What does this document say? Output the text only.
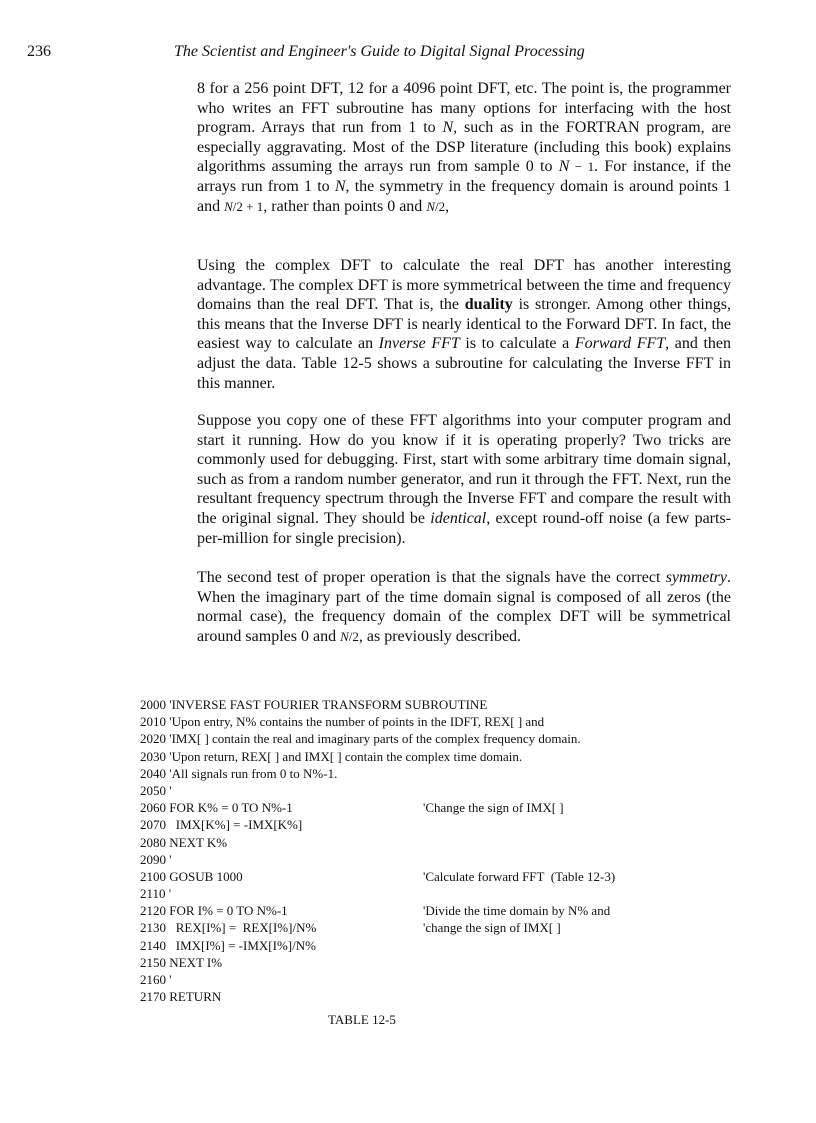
236	The Scientist and Engineer's Guide to Digital Signal Processing
8 for a 256 point DFT, 12 for a 4096 point DFT, etc. The point is, the programmer who writes an FFT subroutine has many options for interfacing with the host program. Arrays that run from 1 to N, such as in the FORTRAN program, are especially aggravating. Most of the DSP literature (including this book) explains algorithms assuming the arrays run from sample 0 to N − 1. For instance, if the arrays run from 1 to N, the symmetry in the frequency domain is around points 1 and N/2 + 1, rather than points 0 and N/2,
Using the complex DFT to calculate the real DFT has another interesting advantage. The complex DFT is more symmetrical between the time and frequency domains than the real DFT. That is, the duality is stronger. Among other things, this means that the Inverse DFT is nearly identical to the Forward DFT. In fact, the easiest way to calculate an Inverse FFT is to calculate a Forward FFT, and then adjust the data. Table 12-5 shows a subroutine for calculating the Inverse FFT in this manner.
Suppose you copy one of these FFT algorithms into your computer program and start it running. How do you know if it is operating properly? Two tricks are commonly used for debugging. First, start with some arbitrary time domain signal, such as from a random number generator, and run it through the FFT. Next, run the resultant frequency spectrum through the Inverse FFT and compare the result with the original signal. They should be identical, except round-off noise (a few parts-per-million for single precision).
The second test of proper operation is that the signals have the correct symmetry. When the imaginary part of the time domain signal is composed of all zeros (the normal case), the frequency domain of the complex DFT will be symmetrical around samples 0 and N/2, as previously described.
2000 'INVERSE FAST FOURIER TRANSFORM SUBROUTINE
2010 'Upon entry, N% contains the number of points in the IDFT, REX[ ] and
2020 'IMX[ ] contain the real and imaginary parts of the complex frequency domain.
2030 'Upon return, REX[ ] and IMX[ ] contain the complex time domain.
2040 'All signals run from 0 to N%-1.
2050 '
2060 FOR K% = 0 TO N%-1	'Change the sign of IMX[ ]
2070   IMX[K%] = -IMX[K%]
2080 NEXT K%
2090 '
2100 GOSUB 1000	'Calculate forward FFT  (Table 12-3)
2110 '
2120 FOR I% = 0 TO N%-1	'Divide the time domain by N% and
2130   REX[I%] =  REX[I%]/N%	'change the sign of IMX[ ]
2140   IMX[I%] = -IMX[I%]/N%
2150 NEXT I%
2160 '
2170 RETURN
TABLE 12-5
